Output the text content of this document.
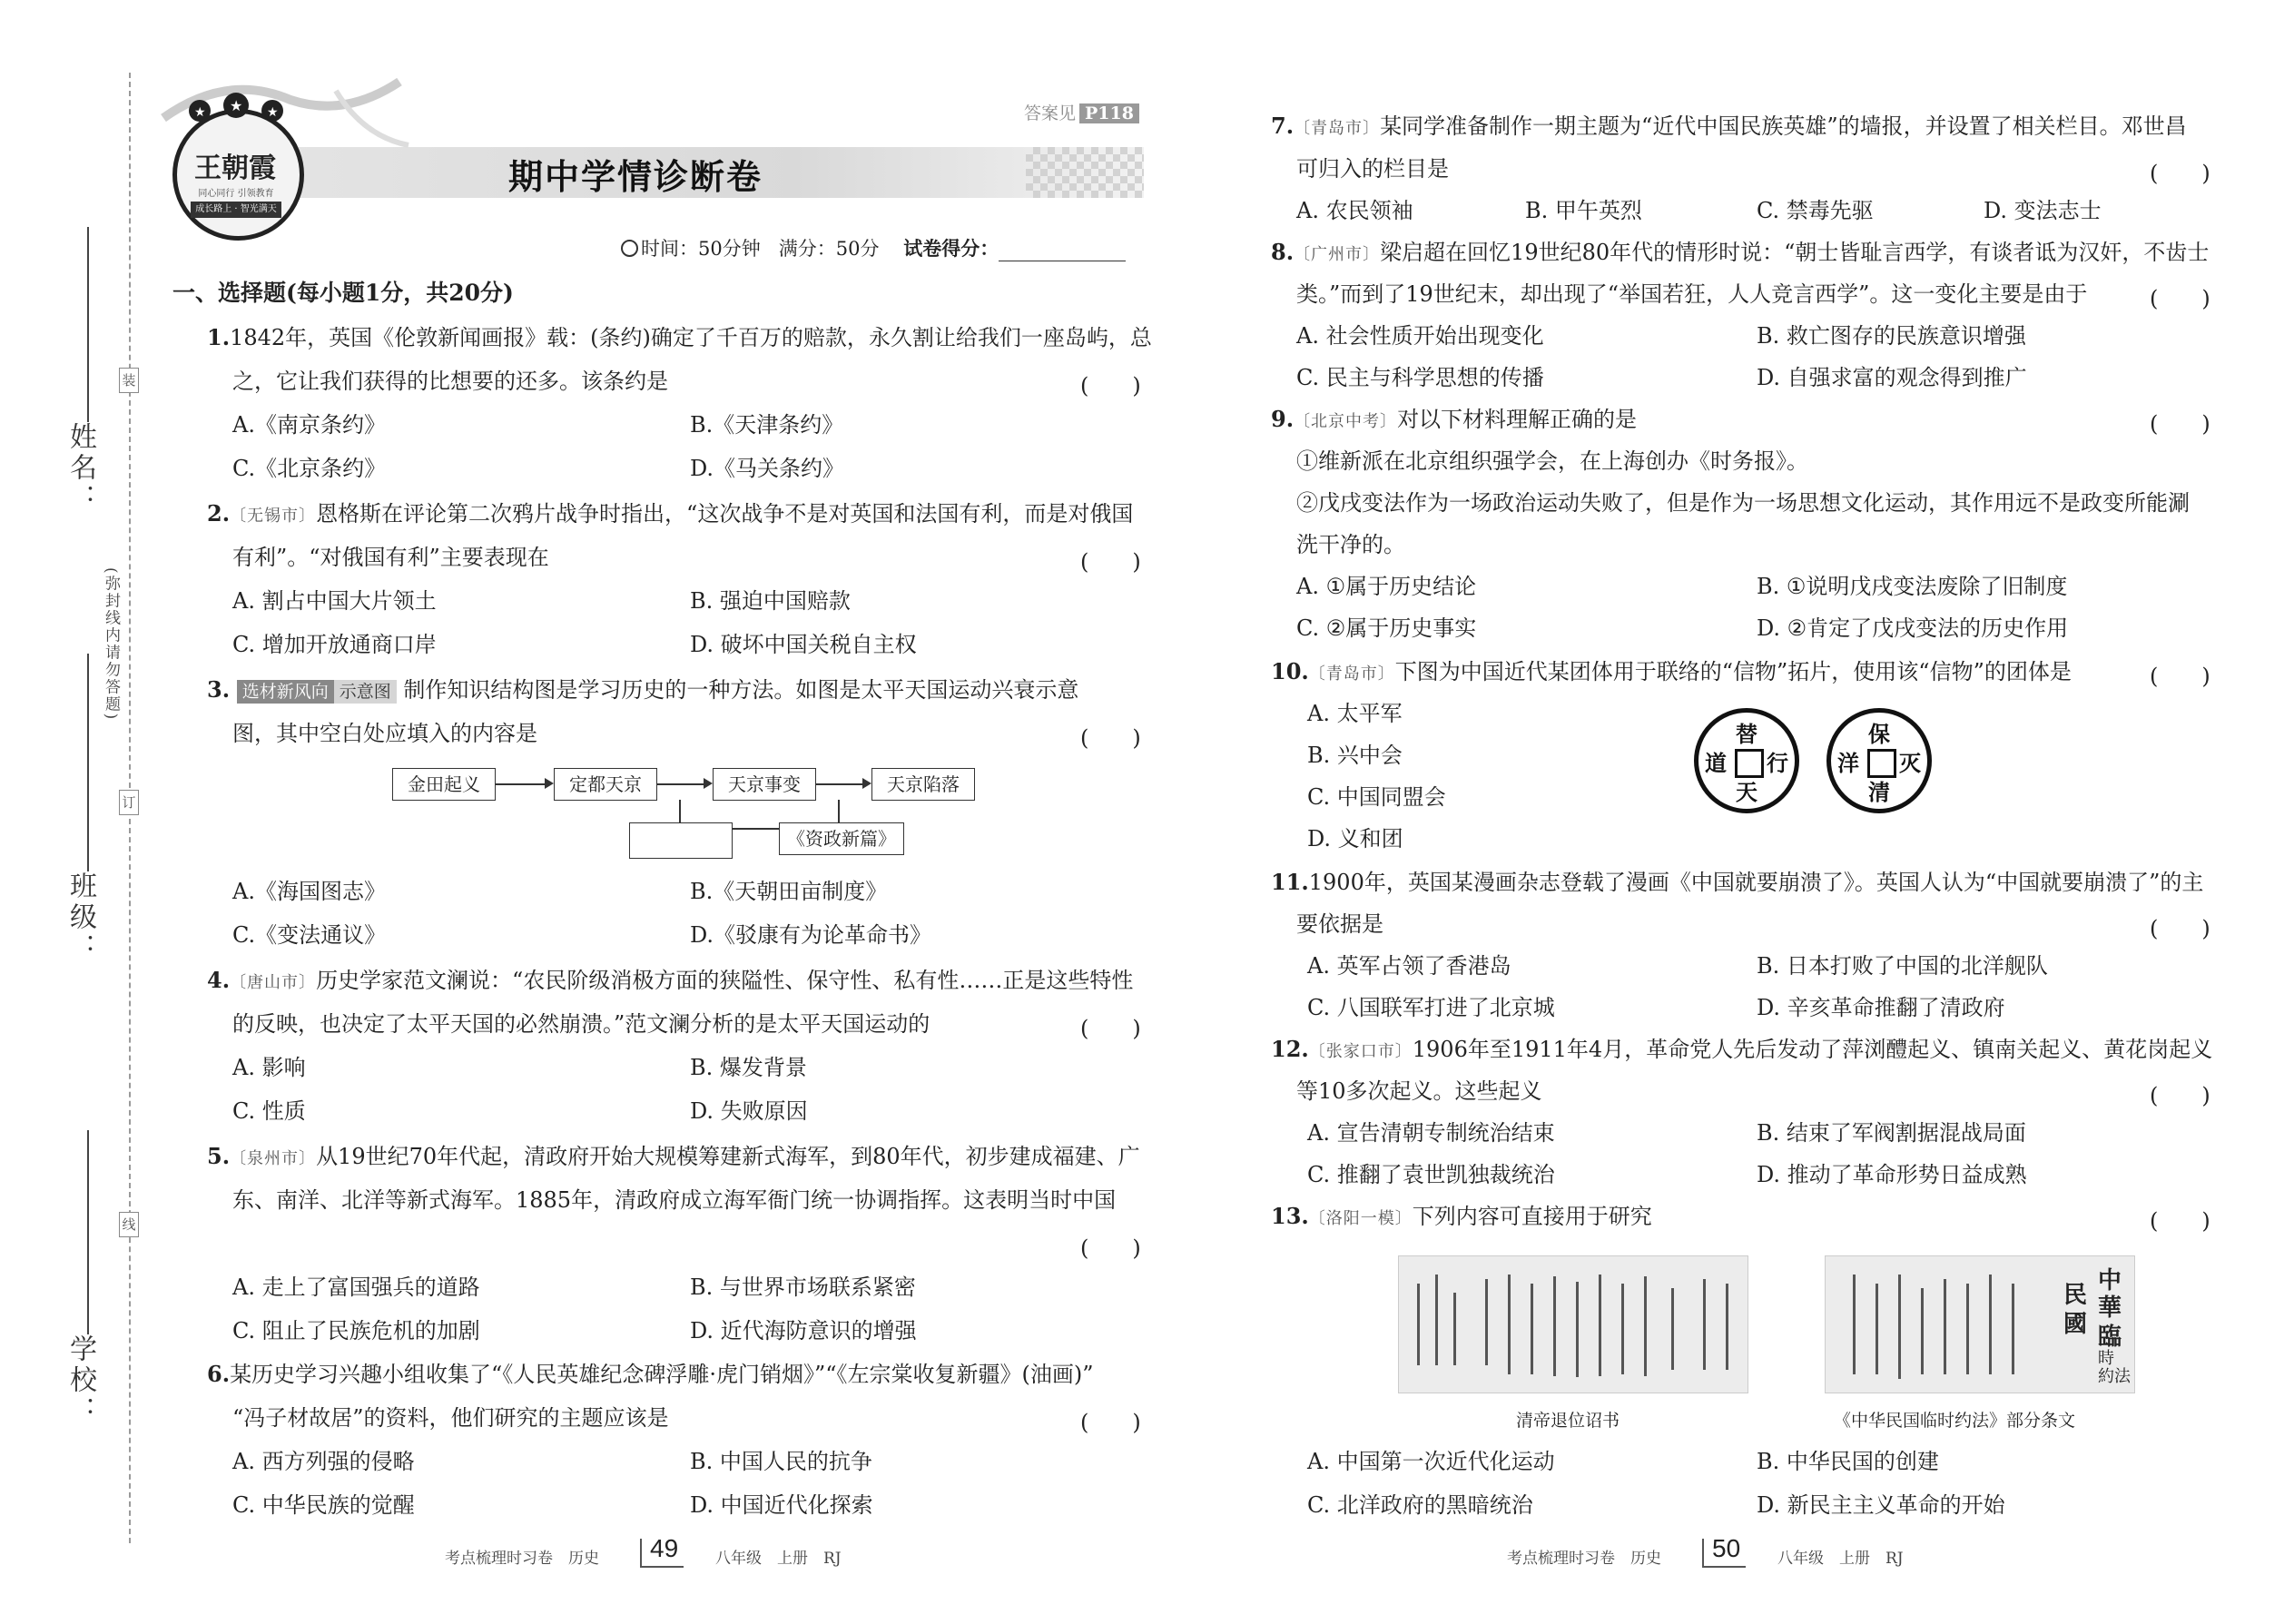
姓名：
班级：
学校：
装
订
线
(弥封线内请勿答题)
★ ★ ★
王朝霞
同心同行 引领教育
成长路上 · 智光满天
答案见 P118
期中学情诊断卷
时间：50分钟 满分：50分 试卷得分：
一、选择题(每小题1分，共20分)
1.1842年，英国《伦敦新闻画报》载：(条约)确定了千百万的赔款，永久割让给我们一座岛屿，总
之，它让我们获得的比想要的还多。该条约是	(　　)
A.《南京条约》	B.《天津条约》
C.《北京条约》	D.《马关条约》
2.〔无锡市〕恩格斯在评论第二次鸦片战争时指出，“这次战争不是对英国和法国有利，而是对俄国
有利”。“对俄国有利”主要表现在	(　　)
A. 割占中国大片领土	B. 强迫中国赔款
C. 增加开放通商口岸	D. 破坏中国关税自主权
3. 选材新风向 示意图 制作知识结构图是学习历史的一种方法。如图是太平天国运动兴衰示意
图，其中空白处应填入的内容是	(　　)
金田起义	定都天京	天京事变	天京陷落
《资政新篇》
A.《海国图志》	B.《天朝田亩制度》
C.《变法通议》	D.《驳康有为论革命书》
4.〔唐山市〕历史学家范文澜说：“农民阶级消极方面的狭隘性、保守性、私有性……正是这些特性
的反映，也决定了太平天国的必然崩溃。”范文澜分析的是太平天国运动的	(　　)
A. 影响	B. 爆发背景
C. 性质	D. 失败原因
5.〔泉州市〕从19世纪70年代起，清政府开始大规模筹建新式海军，到80年代，初步建成福建、广
东、南洋、北洋等新式海军。1885年，清政府成立海军衙门统一协调指挥。这表明当时中国
(　　)
A. 走上了富国强兵的道路	B. 与世界市场联系紧密
C. 阻止了民族危机的加剧	D. 近代海防意识的增强
6.某历史学习兴趣小组收集了“《人民英雄纪念碑浮雕·虎门销烟》”“《左宗棠收复新疆》(油画)”
“冯子材故居”的资料，他们研究的主题应该是	(　　)
A. 西方列强的侵略	B. 中国人民的抗争
C. 中华民族的觉醒	D. 中国近代化探索
考点梳理时习卷　历史 49 八年级　上册　RJ
7.〔青岛市〕某同学准备制作一期主题为“近代中国民族英雄”的墙报，并设置了相关栏目。邓世昌
可归入的栏目是	(　　)
A. 农民领袖	B. 甲午英烈	C. 禁毒先驱	D. 变法志士
8.〔广州市〕梁启超在回忆19世纪80年代的情形时说：“朝士皆耻言西学，有谈者诋为汉奸，不齿士
类。”而到了19世纪末，却出现了“举国若狂，人人竞言西学”。这一变化主要是由于	(　　)
A. 社会性质开始出现变化	B. 救亡图存的民族意识增强
C. 民主与科学思想的传播	D. 自强求富的观念得到推广
9.〔北京中考〕对以下材料理解正确的是	(　　)
①维新派在北京组织强学会，在上海创办《时务报》。
②戊戌变法作为一场政治运动失败了，但是作为一场思想文化运动，其作用远不是政变所能涮
洗干净的。
A. ①属于历史结论	B. ①说明戊戌变法废除了旧制度
C. ②属于历史事实	D. ②肯定了戊戌变法的历史作用
10.〔青岛市〕下图为中国近代某团体用于联络的“信物”拓片，使用该“信物”的团体是	(　　)
A. 太平军
B. 兴中会
C. 中国同盟会
D. 义和团
替
行
天
道
保
灭
清
洋
11.1900年，英国某漫画杂志登载了漫画《中国就要崩溃了》。英国人认为“中国就要崩溃了”的主
要依据是	(　　)
A. 英军占领了香港岛	B. 日本打败了中国的北洋舰队
C. 八国联军打进了北京城	D. 辛亥革命推翻了清政府
12.〔张家口市〕1906年至1911年4月，革命党人先后发动了萍浏醴起义、镇南关起义、黄花岗起义
等10多次起义。这些起义	(　　)
A. 宣告清朝专制统治结束	B. 结束了军阀割据混战局面
C. 推翻了袁世凯独裁统治	D. 推动了革命形势日益成熟
13.〔洛阳一模〕下列内容可直接用于研究	(　　)
清帝退位诏书
中
華
民
國 臨
時
約 法
《中华民国临时约法》部分条文
A. 中国第一次近代化运动	B. 中华民国的创建
C. 北洋政府的黑暗统治	D. 新民主主义革命的开始
考点梳理时习卷　历史 50 八年级　上册　RJ
